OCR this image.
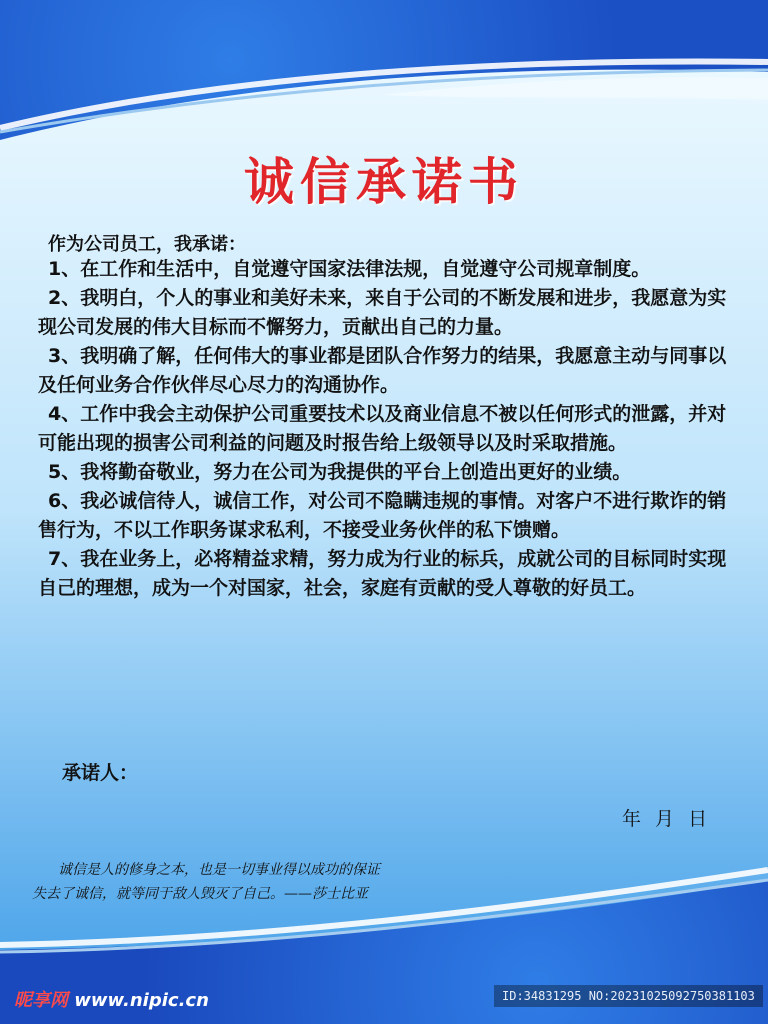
诚信承诺书
作为公司员工，我承诺：

1、在工作和生活中，自觉遵守国家法律法规，自觉遵守公司规章制度。

2、我明白，个人的事业和美好未来，来自于公司的不断发展和进步，我愿意为实现公司发展的伟大目标而不懈努力，贡献出自己的力量。

3、我明确了解，任何伟大的事业都是团队合作努力的结果，我愿意主动与同事以及任何业务合作伙伴尽心尽力的沟通协作。

4、工作中我会主动保护公司重要技术以及商业信息不被以任何形式的泄露，并对可能出现的损害公司利益的问题及时报告给上级领导以及时采取措施。

5、我将勤奋敬业，努力在公司为我提供的平台上创造出更好的业绩。

6、我必诚信待人，诚信工作，对公司不隐瞒违规的事情。对客户不进行欺诈的销售行为，不以工作职务谋求私利，不接受业务伙伴的私下馈赠。

7、我在业务上，必将精益求精，努力成为行业的标兵，成就公司的目标同时实现自己的理想，成为一个对国家，社会，家庭有贡献的受人尊敬的好员工。

承诺人：
年 月 日
诚信是人的修身之本，也是一切事业得以成功的保证
失去了诚信，就等同于敌人毁灭了自己。——莎士比亚
昵享网 www.nipic.cn	ID:34831295 NO:20231025092750381103
